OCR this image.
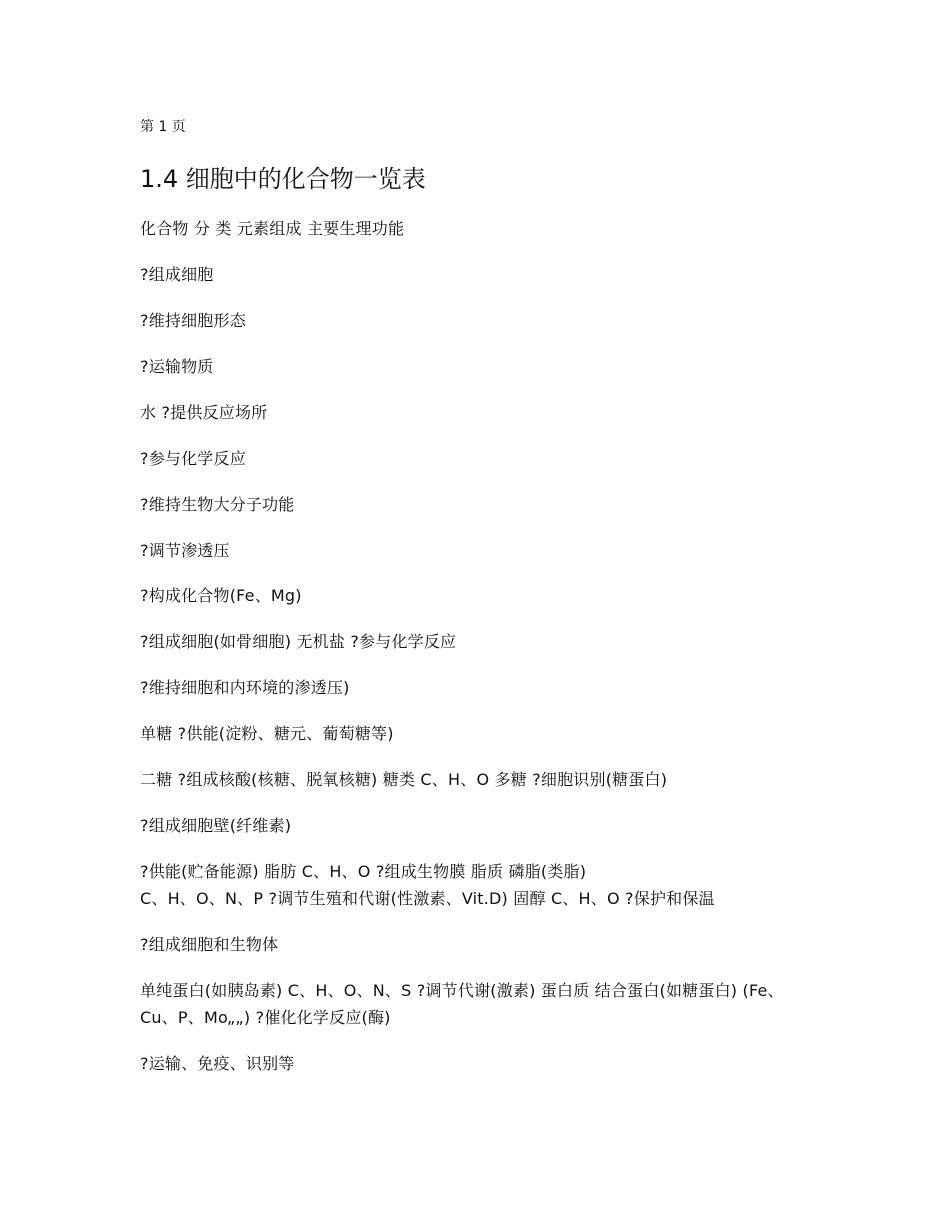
第 1 页
1.4 细胞中的化合物一览表
化合物 分 类 元素组成 主要生理功能
?组成细胞
?维持细胞形态
?运输物质
水 ?提供反应场所
?参与化学反应
?维持生物大分子功能
?调节渗透压
?构成化合物(Fe、Mg)
?组成细胞(如骨细胞) 无机盐 ?参与化学反应
?维持细胞和内环境的渗透压)
单糖 ?供能(淀粉、糖元、葡萄糖等)
二糖 ?组成核酸(核糖、脱氧核糖) 糖类 C、H、O 多糖 ?细胞识别(糖蛋白)
?组成细胞壁(纤维素)
?供能(贮备能源) 脂肪 C、H、O ?组成生物膜 脂质 磷脂(类脂)
C、H、O、N、P ?调节生殖和代谢(性激素、Vit.D) 固醇 C、H、O ?保护和保温
?组成细胞和生物体
单纯蛋白(如胰岛素) C、H、O、N、S ?调节代谢(激素) 蛋白质 结合蛋白(如糖蛋白) (Fe、Cu、P、Mo„„) ?催化化学反应(酶)
?运输、免疫、识别等
